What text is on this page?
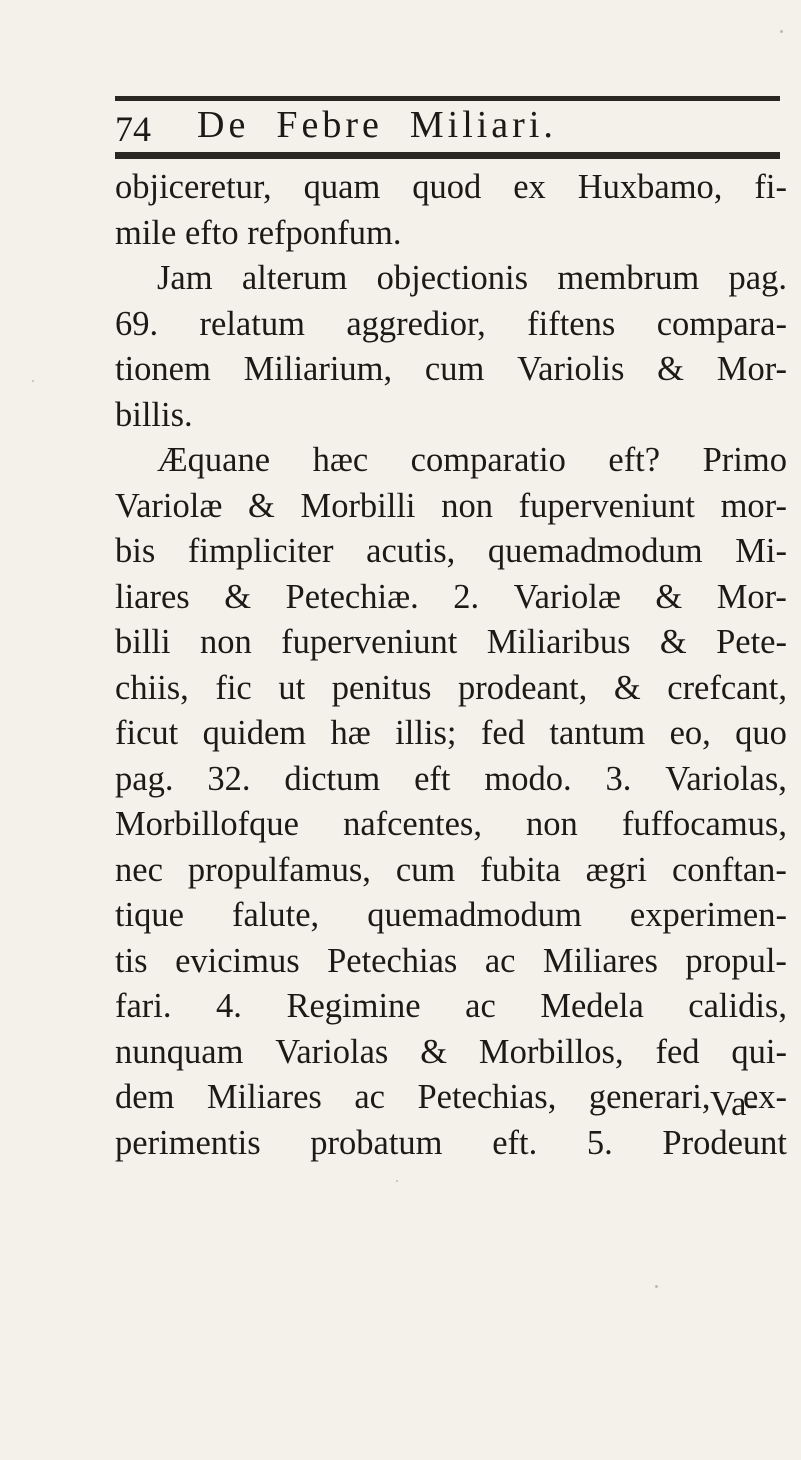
74	De Febre Miliari.
objiceretur, quam quod ex Huxbamo, fi-
mile efto refponfum.
Jam alterum objectionis membrum pag.
69. relatum aggredior, fiftens compara-
tionem Miliarium, cum Variolis & Mor-
billis.
Æquane hæc comparatio eft? Primo
Variolæ & Morbilli non fuperveniunt mor-
bis fimpliciter acutis, quemadmodum Mi-
liares & Petechiæ. 2. Variolæ & Mor-
billi non fuperveniunt Miliaribus & Pete-
chiis, fic ut penitus prodeant, & crefcant,
ficut quidem hæ illis; fed tantum eo, quo
pag. 32. dictum eft modo. 3. Variolas,
Morbillofque nafcentes, non fuffocamus,
nec propulfamus, cum fubita ægri conftan-
tique falute, quemadmodum experimen-
tis evicimus Petechias ac Miliares propul-
fari. 4. Regimine ac Medela calidis,
nunquam Variolas & Morbillos, fed qui-
dem Miliares ac Petechias, generari, ex-
perimentis probatum eft. 5. Prodeunt
Va-
